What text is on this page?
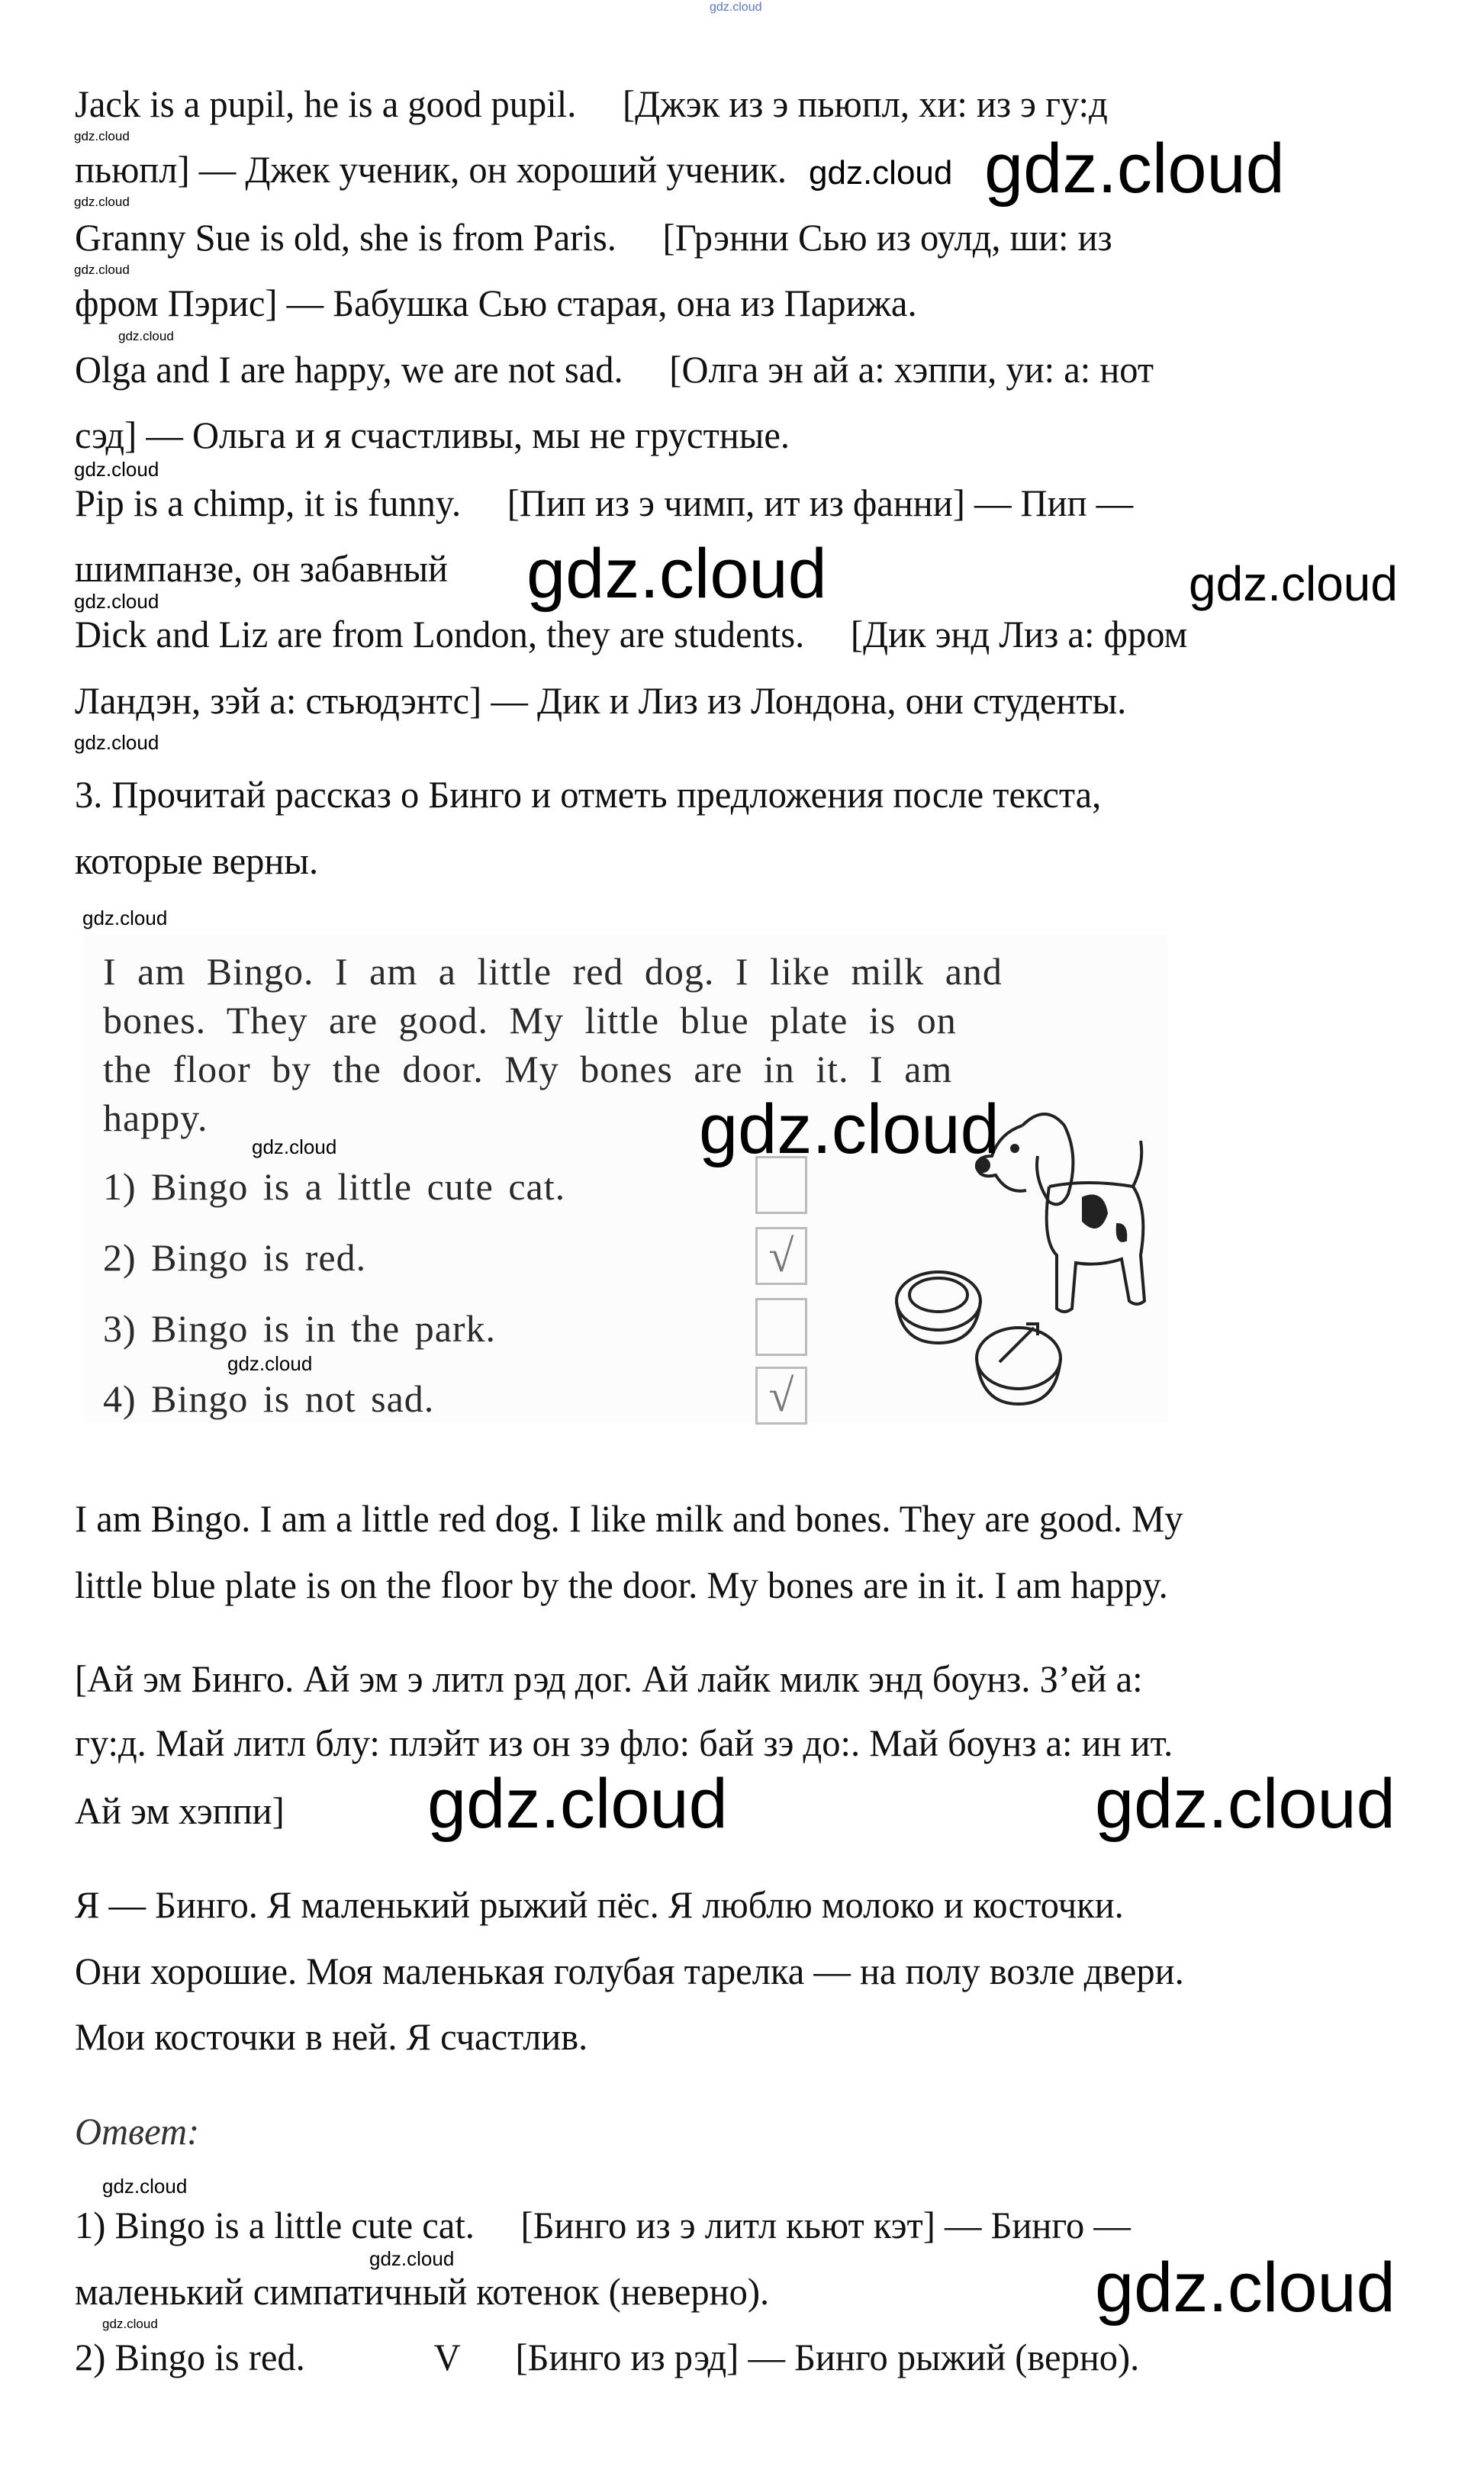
gdz.cloud
Jack is a pupil, he is a good pupil.     [Джэк из э пьюпл, хи: из э гу:д
пьюпл] — Джек ученик, он хороший ученик.
Granny Sue is old, she is from Paris.     [Грэнни Сью из оулд, ши: из
фром Пэрис] — Бабушка Сью старая, она из Парижа.
Olga and I are happy, we are not sad.     [Олга эн ай а: хэппи, уи: а: нот
сэд] — Ольга и я счастливы, мы не грустные.
Pip is a chimp, it is funny.     [Пип из э чимп, ит из фанни] — Пип —
шимпанзе, он забавный
Dick and Liz are from London, they are students.     [Дик энд Лиз а: фром
Ландэн, зэй а: стьюдэнтс] — Дик и Лиз из Лондона, они студенты.
3. Прочитай рассказ о Бинго и отметь предложения после текста,
которые верны.
I am Bingo. I am a little red dog. I like milk and
bones. They are good. My little blue plate is on
the floor by the door. My bones are in it. I am
happy.
1) Bingo is a little cute cat.
2) Bingo is red.	√
3) Bingo is in the park.
4) Bingo is not sad.	√
I am Bingo. I am a little red dog. I like milk and bones. They are good. My
little blue plate is on the floor by the door. My bones are in it. I am happy.
[Ай эм Бинго. Ай эм э литл рэд дог. Ай лайк милк энд боунз. З’ей а:
гу:д. Май литл блу: плэйт из он зэ фло: бай зэ до:. Май боунз а: ин ит.
Ай эм хэппи]
Я — Бинго. Я маленький рыжий пёс. Я люблю молоко и косточки.
Они хорошие. Моя маленькая голубая тарелка — на полу возле двери.
Мои косточки в ней. Я счастлив.
Ответ:
1) Bingo is a little cute cat.     [Бинго из э литл кьют кэт] — Бинго —
маленький симпатичный котенок (неверно).
2) Bingo is red.              V      [Бинго из рэд] — Бинго рыжий (верно).
gdz.cloud
gdz.cloud gdz.cloud
gdz.cloud
gdz.cloud
gdz.cloud
gdz.cloud
gdz.cloud	gdz.cloud
gdz.cloud
gdz.cloud
gdz.cloud
gdz.cloud
gdz.cloud
gdz.cloud
gdz.cloud	gdz.cloud
gdz.cloud
gdz.cloud	gdz.cloud
gdz.cloud
